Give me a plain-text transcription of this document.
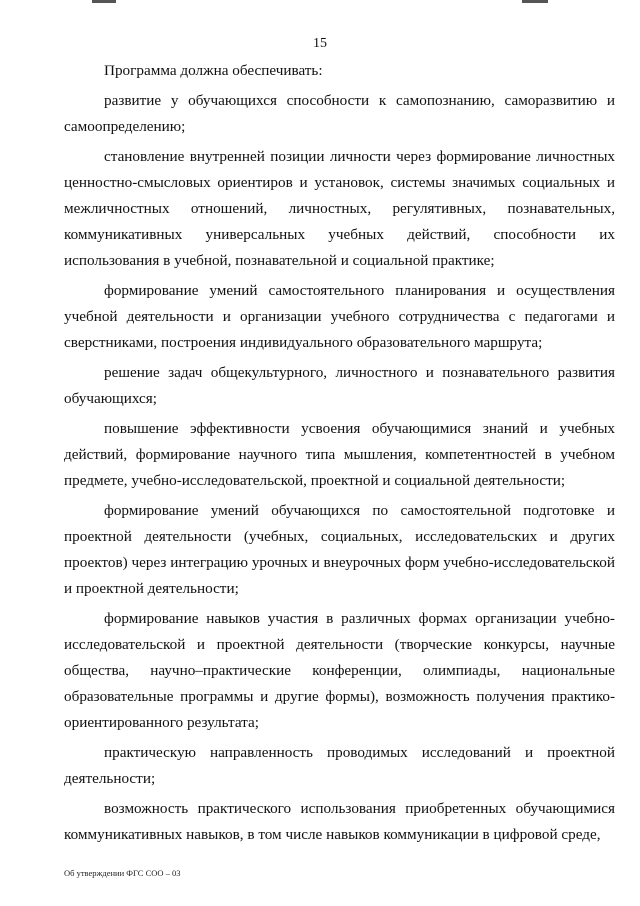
15

Программа должна обеспечивать:

развитие у обучающихся способности к самопознанию, саморазвитию и самоопределению;

становление внутренней позиции личности через формирование личностных ценностно-смысловых ориентиров и установок, системы значимых социальных и межличностных отношений, личностных, регулятивных, познавательных, коммуникативных универсальных учебных действий, способности их использования в учебной, познавательной и социальной практике;

формирование умений самостоятельного планирования и осуществления учебной деятельности и организации учебного сотрудничества с педагогами и сверстниками, построения индивидуального образовательного маршрута;

решение задач общекультурного, личностного и познавательного развития обучающихся;

повышение эффективности усвоения обучающимися знаний и учебных действий, формирование научного типа мышления, компетентностей в учебном предмете, учебно-исследовательской, проектной и социальной деятельности;

формирование умений обучающихся по самостоятельной подготовке и проектной деятельности (учебных, социальных, исследовательских и других проектов) через интеграцию урочных и внеурочных форм учебно-исследовательской и проектной деятельности;

формирование навыков участия в различных формах организации учебно-исследовательской и проектной деятельности (творческие конкурсы, научные общества, научно–практические конференции, олимпиады, национальные образовательные программы и другие формы), возможность получения практико-ориентированного результата;

практическую направленность проводимых исследований и проектной деятельности;

возможность практического использования приобретенных обучающимися коммуникативных навыков, в том числе навыков коммуникации в цифровой среде,

Об утверждении ФГС СОО – 03
